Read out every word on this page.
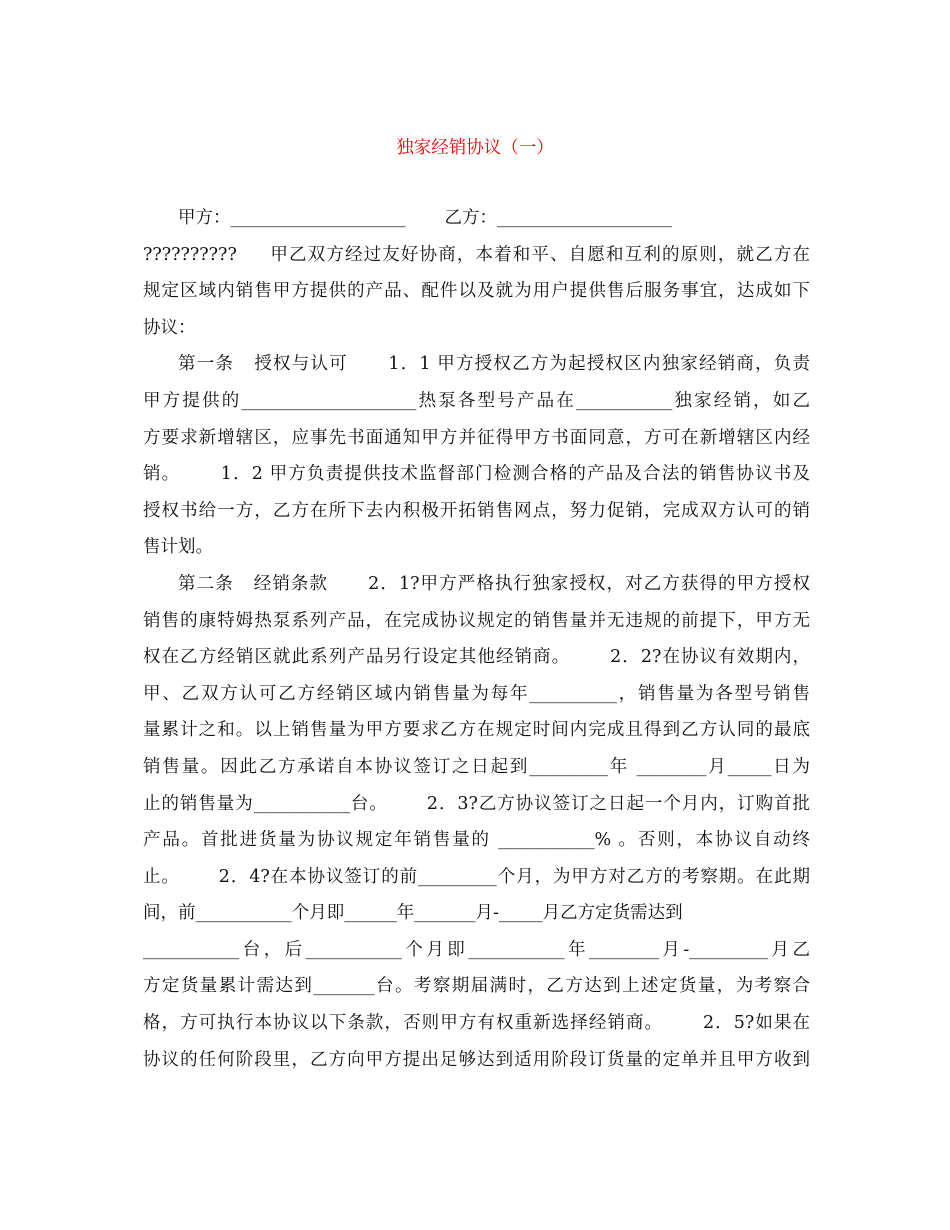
独家经销协议（一）
甲方：____________________       乙方：____________________
??????????     甲乙双方经过友好协商，本着和平、自愿和互利的原则，就乙方在
规定区域内销售甲方提供的产品、配件以及就为用户提供售后服务事宜，达成如下
协议：
第一条   授权与认可      1．1 甲方授权乙方为起授权区内独家经销商，负责
甲方提供的____________________热泵各型号产品在___________独家经销，如乙
方要求新增辖区，应事先书面通知甲方并征得甲方书面同意，方可在新增辖区内经
销。      1．2 甲方负责提供技术监督部门检测合格的产品及合法的销售协议书及
授权书给一方，乙方在所下去内积极开拓销售网点，努力促销，完成双方认可的销
售计划。
第二条   经销条款      2．1?甲方严格执行独家授权，对乙方获得的甲方授权
销售的康特姆热泵系列产品，在完成协议规定的销售量并无违规的前提下，甲方无
权在乙方经销区就此系列产品另行设定其他经销商。      2．2?在协议有效期内，
甲、乙双方认可乙方经销区域内销售量为每年__________，销售量为各型号销售
量累计之和。以上销售量为甲方要求乙方在规定时间内完成且得到乙方认同的最底
销售量。因此乙方承诺自本协议签订之日起到_________年 ________月_____日为
止的销售量为___________台。      2．3?乙方协议签订之日起一个月内，订购首批
产品。首批进货量为协议规定年销售量的 ___________% 。否则，本协议自动终
止。      2．4?在本协议签订的前_________个月，为甲方对乙方的考察期。在此期
间，前___________个月即______年_______月-_____月乙方定货需达到
___________台，后___________个月即___________年________月-_________月乙
方定货量累计需达到_______台。考察期届满时，乙方达到上述定货量，为考察合
格，方可执行本协议以下条款，否则甲方有权重新选择经销商。      2．5?如果在
协议的任何阶段里，乙方向甲方提出足够达到适用阶段订货量的定单并且甲方收到
